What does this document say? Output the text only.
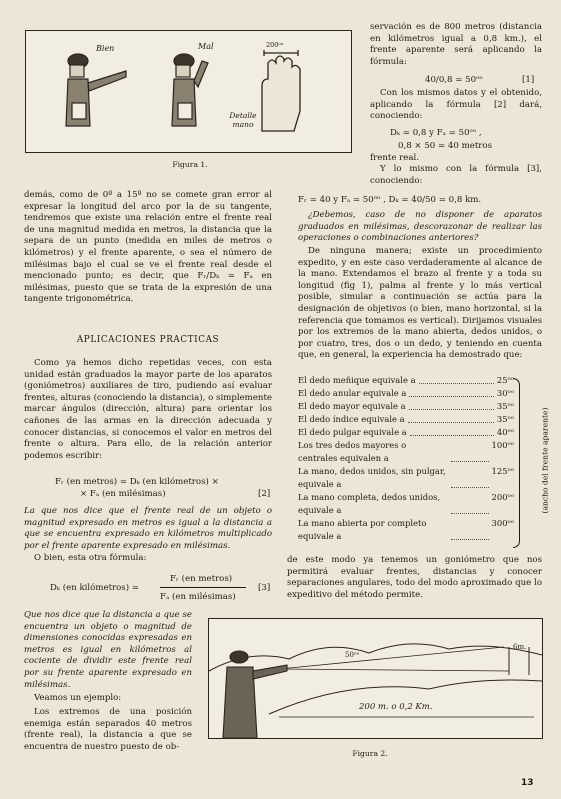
Bien	Mal	200ᵒᵒ
Detalle mano
Figura 1.
demás, como de 0º a 15º no se comete gran error al expresar la longitud del arco por la de su tangente, tendremos que existe una relación entre el frente real de una magnitud medida en metros, la distancia que la separa de un punto (medida en miles de metros o kilómetros) y el frente aparente, o sea el número de milésimas bajo el cual se ve el frente real desde el mencionado punto; es decir, que Fᵣ/Dₖ = Fₐ en milésimas, puesto que se trata de la expresión de una tangente trigonométrica.
APLICACIONES PRACTICAS
Como ya hemos dicho repetidas veces, con esta unidad están graduados la mayor parte de los aparatos (goniómetros) auxiliares de tiro, pudiendo así evaluar frentes, alturas (conociendo la distancia), o simplemente marcar ángulos (dirección, altura) para orientar los cañones de las armas en la dirección adecuada y conocer distancias, si conocemos el valor en metros del frente o altura. Para ello, de la relación anterior podemos escribir:
Fᵣ (en metros) = Dₖ (en kilómetros) ×
× Fₐ (en milésimas)	[2]
La que nos dice que el frente real de un objeto o magnitud expresado en metros es igual a la distancia a que se encuentra expresado en kilómetros multiplicado por el frente aparente expresado en milésimas.
O bien, esta otra fórmula:
Dₖ (en kilómetros) =
Fᵣ (en metros)
Fₐ (en milésimas)
[3]
Que nos dice que la distancia a que se encuentra un objeto o magnitud de dimensiones conocidas expresadas en metros es igual en kilómetros al cociente de dividir este frente real por su frente aparente expresado en milésimas.
Veamos un ejemplo:
Los extremos de una posición enemiga están separados 40 metros (frente real), la distancia a que se encuentra de nuestro puesto de ob-
servación es de 800 metros (distancia en kilómetros igual a 0,8 km.), el frente aparente será aplicando la fórmula:
40/0,8 = 50ᵒᵒ	[1]
Con los mismos datos y el obtenido, aplicando la fórmula [2] dará, conociendo:
Dₖ = 0,8 y Fₐ = 50ᵒᵒ ,
0,8 × 50 = 40 metros
frente real.
Y lo mismo con la fórmula [3], conociendo:
Fᵣ = 40 y Fₐ = 50ᵒᵒ , Dₖ = 40/50 = 0,8 km.
¿Debemos, caso de no disponer de aparatos graduados en milésimas, descorazonar de realizar las operaciones o combinaciones anteriores?
De ninguna manera; existe un procedimiento expedito, y en este caso verdaderamente al alcance de la mano. Extendamos el brazo al frente y a toda su longitud (fig 1), palma al frente y lo más vertical posible, simular a continuación se actúa para la designación de objetivos (o bien, mano horizontal, si la referencia que tomamos es vertical). Dirijamos visuales por los extremos de la mano abierta, dedos unidos, o por cuatro, tres, dos o un dedo, y teniendo en cuenta que, en general, la experiencia ha demostrado que:
El dedo meñique equivale a	25ᵒᵒ
El dedo anular equivale a	30ᵒᵒ
El dedo mayor equivale a	35ᵒᵒ
El dedo índice equivale a	35ᵒᵒ
El dedo pulgar equivale a	40ᵒᵒ
Los tres dedos mayores o centrales equivalen a
100ᵒᵒ
La mano, dedos unidos, sin pulgar, equivale a
125ᵒᵒ
La mano completa, dedos unidos, equivale a
200ᵒᵒ
La mano abierta por completo equivale a
300ᵒᵒ
(ancho del frente aparente)
de este modo ya tenemos un goniómetro que nos permitirá evaluar frentes, distancias y conocer separaciones angulares, todo del modo aproximado que lo expeditivo del método permite.
50ᵒᵒ
6m.
200 m. o 0,2 Km.
Figura 2.
13
